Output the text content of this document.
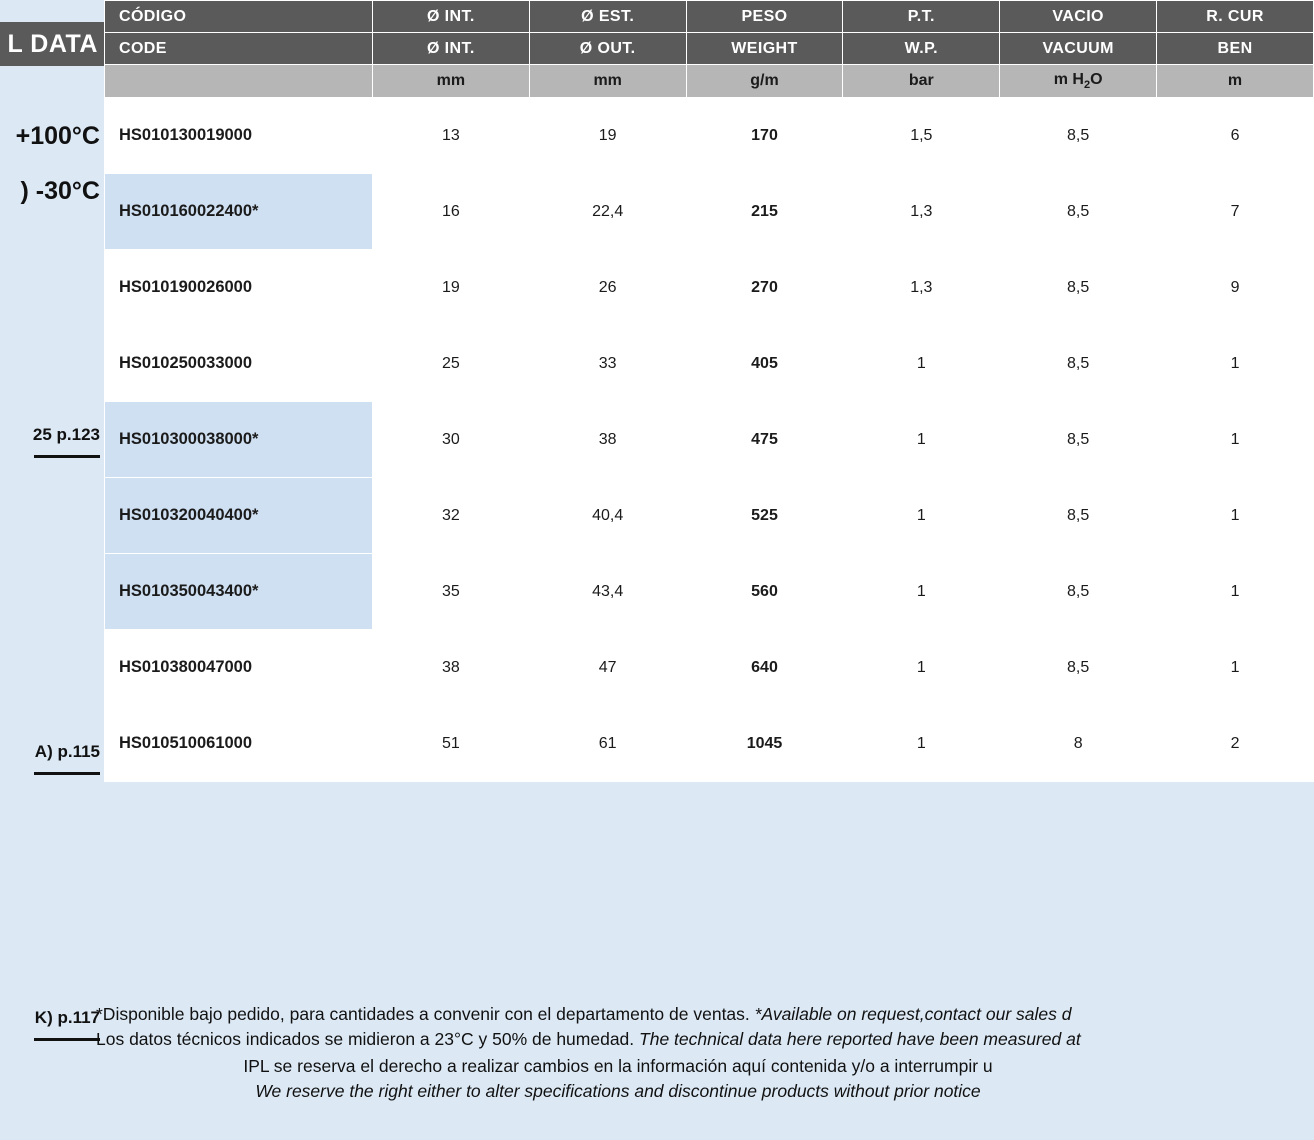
L DATA
+100°C
) -30°C
25 p.123
A) p.115
K) p.117
CÓDIGO	Ø INT.	Ø EST.	PESO	P.T.	VACIO	R. CUR
CODE	Ø INT.	Ø OUT.	WEIGHT	W.P.	VACUUM	BEN
	mm	mm	g/m	bar	m $H_2O$	m
HS010130019000	13	19	170	1,5	8,5	6
HS010160022400*	16	22,4	215	1,3	8,5	7
HS010190026000	19	26	270	1,3	8,5	9
HS010250033000	25	33	405	1	8,5	1
HS010300038000*	30	38	475	1	8,5	1
HS010320040400*	32	40,4	525	1	8,5	1
HS010350043400*	35	43,4	560	1	8,5	1
HS010380047000	38	47	640	1	8,5	1
HS010510061000	51	61	1045	1	8	2
*Disponible bajo pedido, para cantidades a convenir con el departamento de ventas. *Available on request,contact our sales d
Los datos técnicos indicados se midieron a 23°C y 50% de humedad. The technical data here reported have been measured at
IPL se reserva el derecho a realizar cambios en la información aquí contenida y/o a interrumpir u
We reserve the right either to alter specifications and discontinue products without prior notice
